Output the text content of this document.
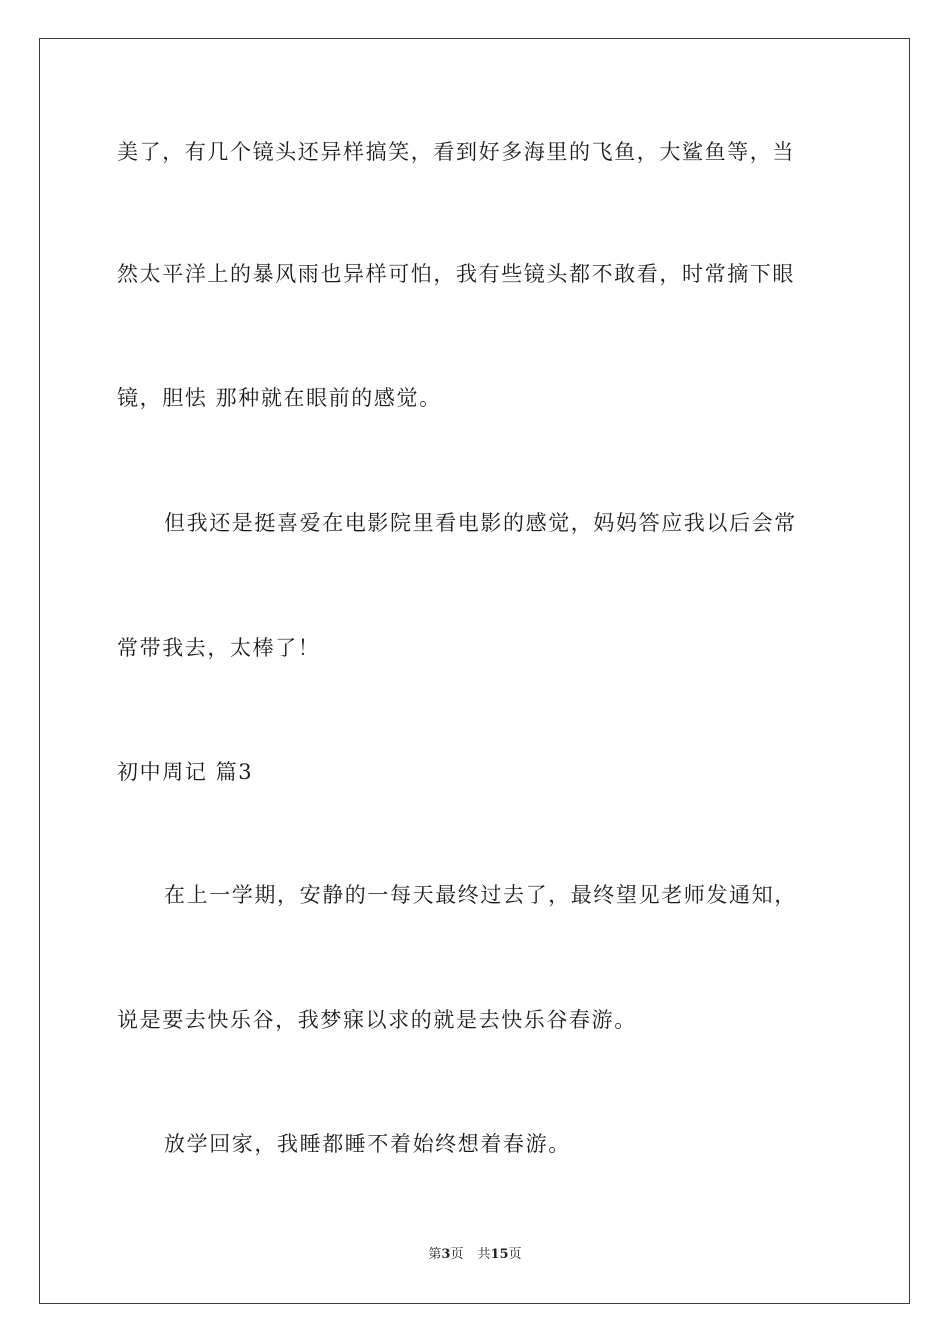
美了，有几个镜头还异样搞笑，看到好多海里的飞鱼，大鲨鱼等，当
然太平洋上的暴风雨也异样可怕，我有些镜头都不敢看，时常摘下眼
镜，胆怯 那种就在眼前的感觉。
但我还是挺喜爱在电影院里看电影的感觉，妈妈答应我以后会常
常带我去，太棒了！
初中周记 篇3
在上一学期，安静的一每天最终过去了，最终望见老师发通知，
说是要去快乐谷，我梦寐以求的就是去快乐谷春游。
放学回家，我睡都睡不着始终想着春游。
第3页 共15页
